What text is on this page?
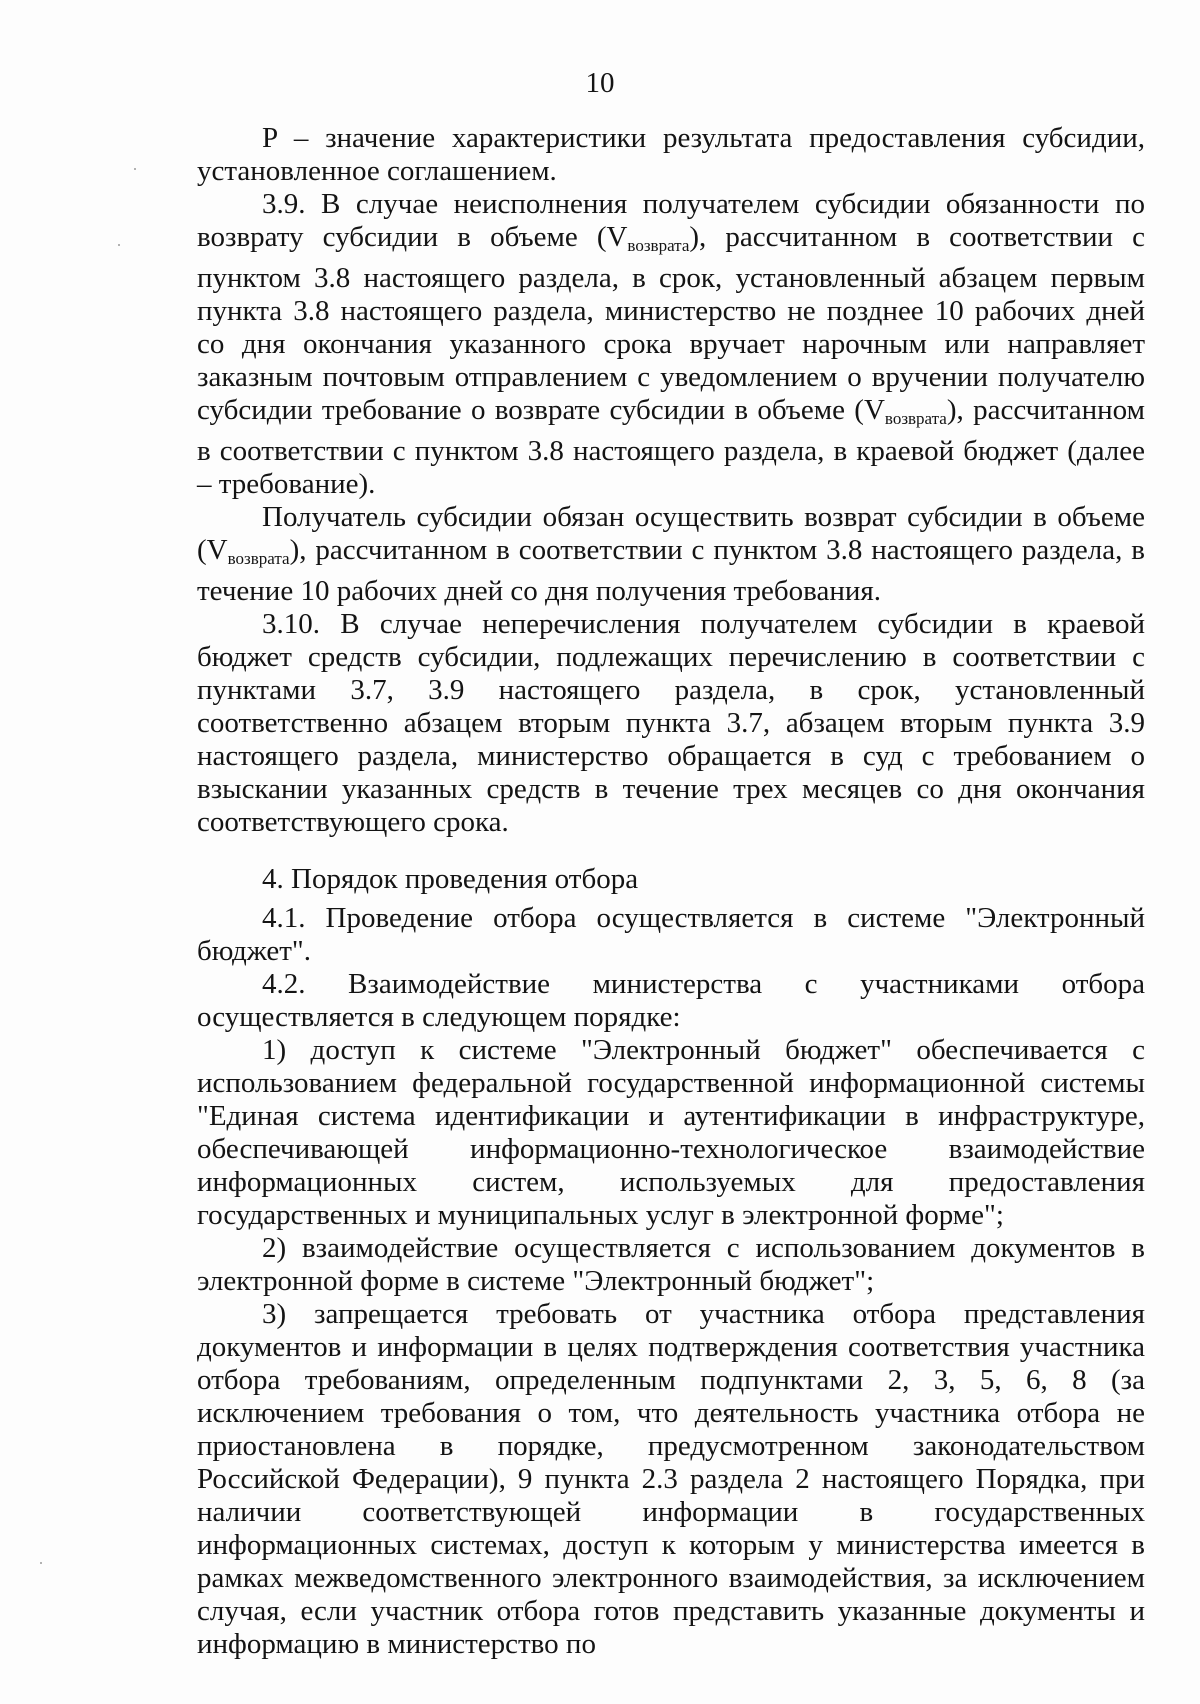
10

P – значение характеристики результата предоставления субсидии, установленное соглашением.

3.9. В случае неисполнения получателем субсидии обязанности по возврату субсидии в объеме $(V_{возврата})$, рассчитанном в соответствии с пунктом 3.8 настоящего раздела, в срок, установленный абзацем первым пункта 3.8 настоящего раздела, министерство не позднее 10 рабочих дней со дня окончания указанного срока вручает нарочным или направляет заказным почтовым отправлением с уведомлением о вручении получателю субсидии требование о возврате субсидии в объеме $(V_{возврата})$, рассчитанном в соответствии с пунктом 3.8 настоящего раздела, в краевой бюджет (далее – требование).

Получатель субсидии обязан осуществить возврат субсидии в объеме $(V_{возврата})$, рассчитанном в соответствии с пунктом 3.8 настоящего раздела, в течение 10 рабочих дней со дня получения требования.

3.10. В случае неперечисления получателем субсидии в краевой бюджет средств субсидии, подлежащих перечислению в соответствии с пунктами 3.7, 3.9 настоящего раздела, в срок, установленный соответственно абзацем вторым пункта 3.7, абзацем вторым пункта 3.9 настоящего раздела, министерство обращается в суд с требованием о взыскании указанных средств в течение трех месяцев со дня окончания соответствующего срока.

4. Порядок проведения отбора

4.1. Проведение отбора осуществляется в системе "Электронный бюджет".

4.2. Взаимодействие министерства с участниками отбора осуществляется в следующем порядке:

1) доступ к системе "Электронный бюджет" обеспечивается с использованием федеральной государственной информационной системы "Единая система идентификации и аутентификации в инфраструктуре, обеспечивающей информационно-технологическое взаимодействие информационных систем, используемых для предоставления государственных и муниципальных услуг в электронной форме";

2) взаимодействие осуществляется с использованием документов в электронной форме в системе "Электронный бюджет";

3) запрещается требовать от участника отбора представления документов и информации в целях подтверждения соответствия участника отбора требованиям, определенным подпунктами 2, 3, 5, 6, 8 (за исключением требования о том, что деятельность участника отбора не приостановлена в порядке, предусмотренном законодательством Российской Федерации), 9 пункта 2.3 раздела 2 настоящего Порядка, при наличии соответствующей информации в государственных информационных системах, доступ к которым у министерства имеется в рамках межведомственного электронного взаимодействия, за исключением случая, если участник отбора готов представить указанные документы и информацию в министерство по
